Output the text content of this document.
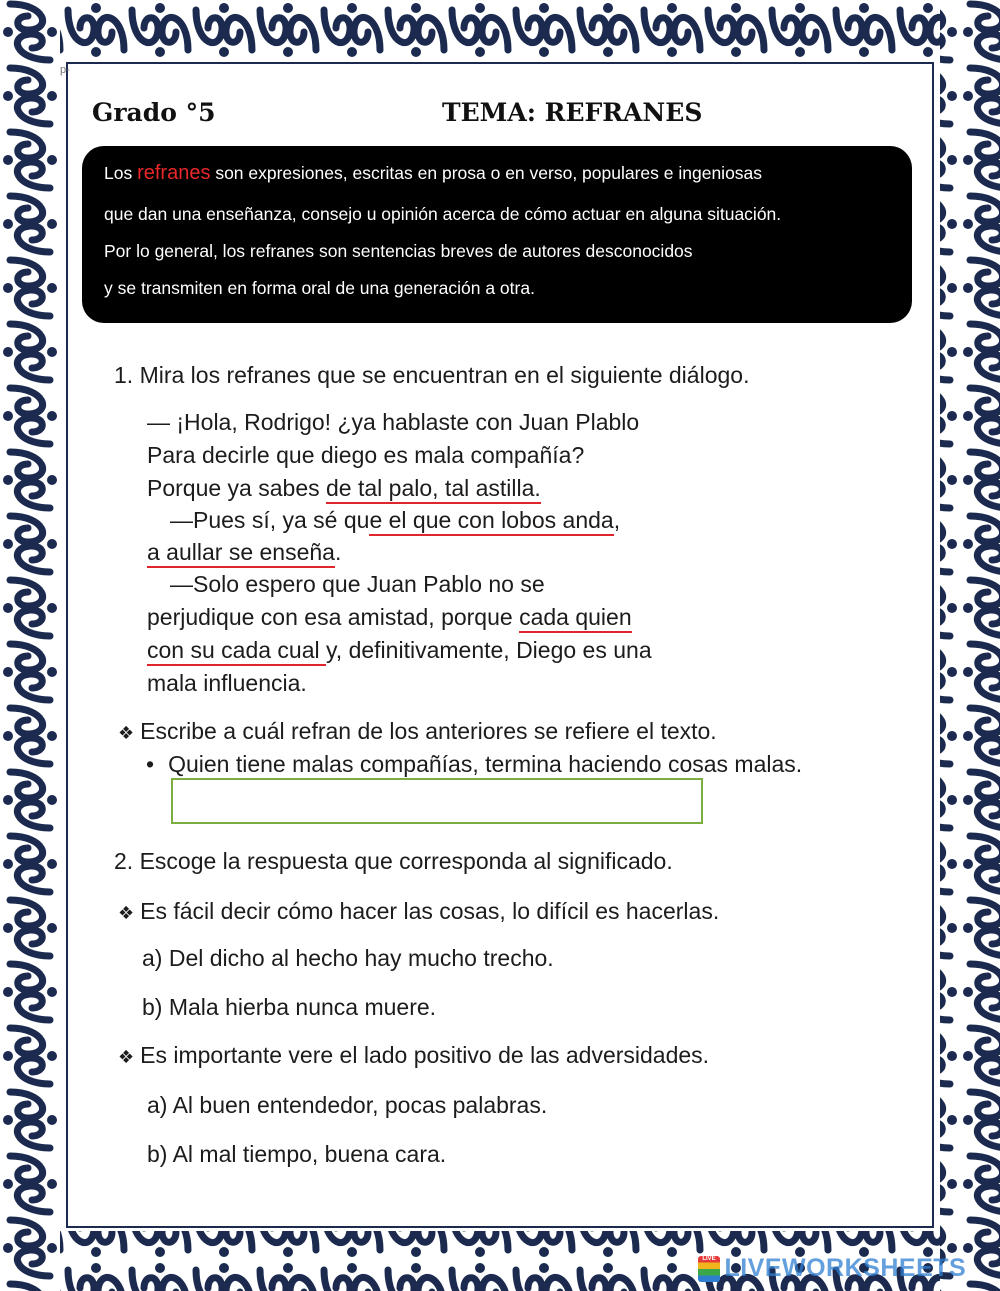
p-
Grado °5	TEMA: REFRANES
Los refranes son expresiones, escritas en prosa o en verso, populares e ingeniosas
que dan una enseñanza, consejo u opinión acerca de cómo actuar en alguna situación.
Por lo general, los refranes son sentencias breves de autores desconocidos
y se transmiten en forma oral de una generación a otra.
1. Mira los refranes que se encuentran en el siguiente diálogo.
— ¡Hola, Rodrigo! ¿ya hablaste con Juan Plablo
Para decirle que diego es mala compañía?
Porque ya sabes de tal palo, tal astilla.
—Pues sí, ya sé que el que con lobos anda,
a aullar se enseña.
—Solo espero que Juan Pablo no se
perjudique con esa amistad, porque cada quien
con su cada cual y, definitivamente, Diego es una
mala influencia.
❖ Escribe a cuál refran de los anteriores se refiere el texto.
• Quien tiene malas compañías, termina haciendo cosas malas.
2. Escoge la respuesta que corresponda al significado.
❖ Es fácil decir cómo hacer las cosas, lo difícil es hacerlas.
a) Del dicho al hecho hay mucho trecho.
b) Mala hierba nunca muere.
❖ Es importante vere el lado positivo de las adversidades.
a) Al buen entendedor, pocas palabras.
b) Al mal tiempo, buena cara.
LIVE LIVEWORKSHEETS
